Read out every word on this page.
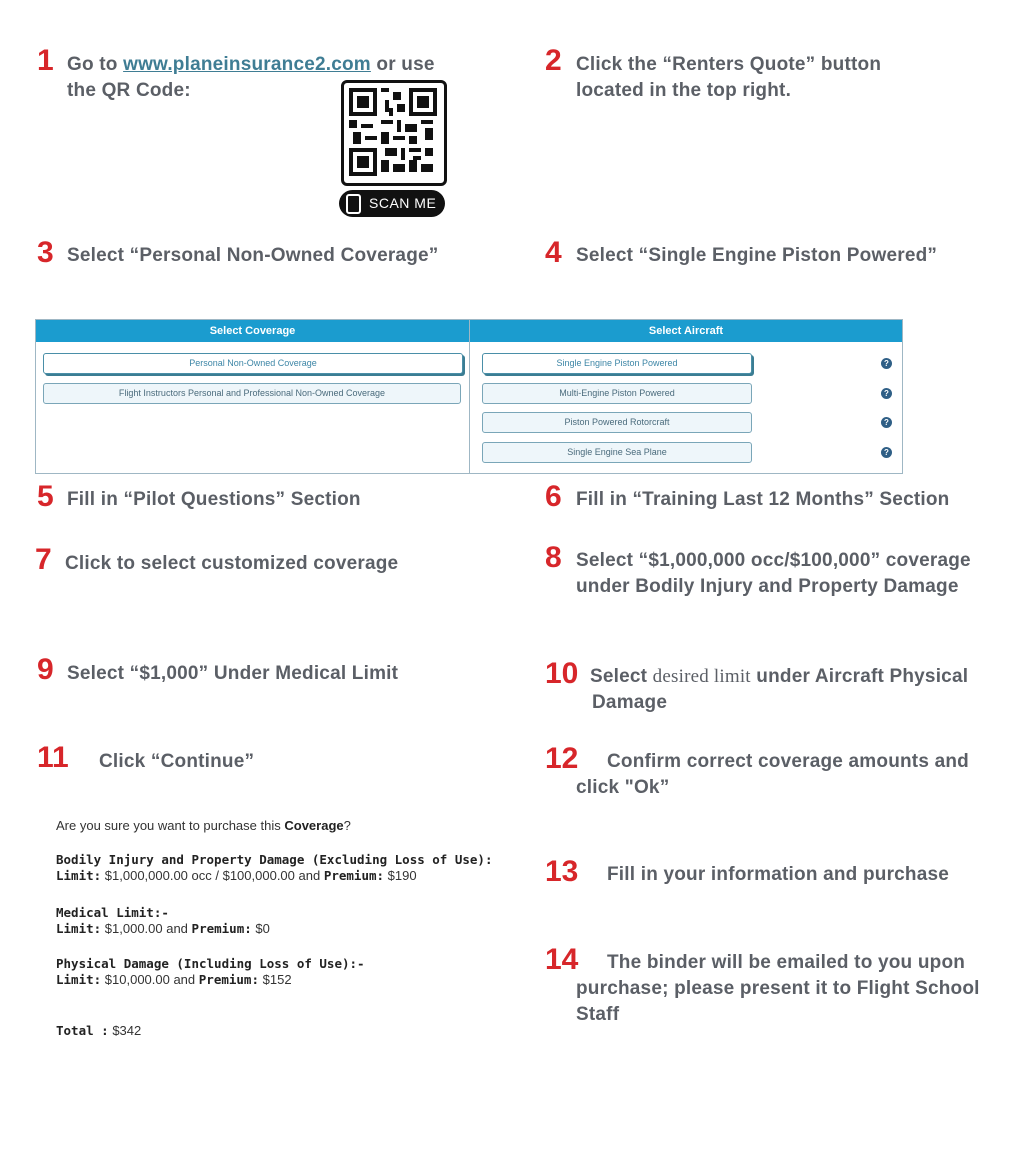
1 Go to www.planeinsurance2.com or use
the QR Code:
SCAN ME
2 Click the “Renters Quote” button
located in the top right.
3 Select “Personal Non-Owned Coverage”	4 Select “Single Engine Piston Powered”
Select Coverage	Select Aircraft
Personal Non-Owned Coverage
Flight Instructors Personal and Professional Non-Owned Coverage
Single Engine Piston Powered
Multi-Engine Piston Powered
Piston Powered Rotorcraft
Single Engine Sea Plane
?
?
?
?
5 Fill in “Pilot Questions” Section	6 Fill in “Training Last 12 Months” Section
7 Click to select customized coverage	8 Select “$1,000,000 occ/$100,000” coverage
under Bodily Injury and Property Damage
9 Select “$1,000” Under Medical Limit	10 Select desired limit under Aircraft Physical
Damage
11 Click “Continue”	12	Confirm correct coverage amounts and
click "Ok”
Are you sure you want to purchase this Coverage?
Bodily Injury and Property Damage (Excluding Loss of Use):
Limit: $1,000,000.00 occ / $100,000.00 and Premium: $190
Medical Limit:-
Limit: $1,000.00 and Premium: $0
Physical Damage (Including Loss of Use):-
Limit: $10,000.00 and Premium: $152
Total : $342
13 Fill in your information and purchase
14	The binder will be emailed to you upon
purchase; please present it to Flight School
Staff
